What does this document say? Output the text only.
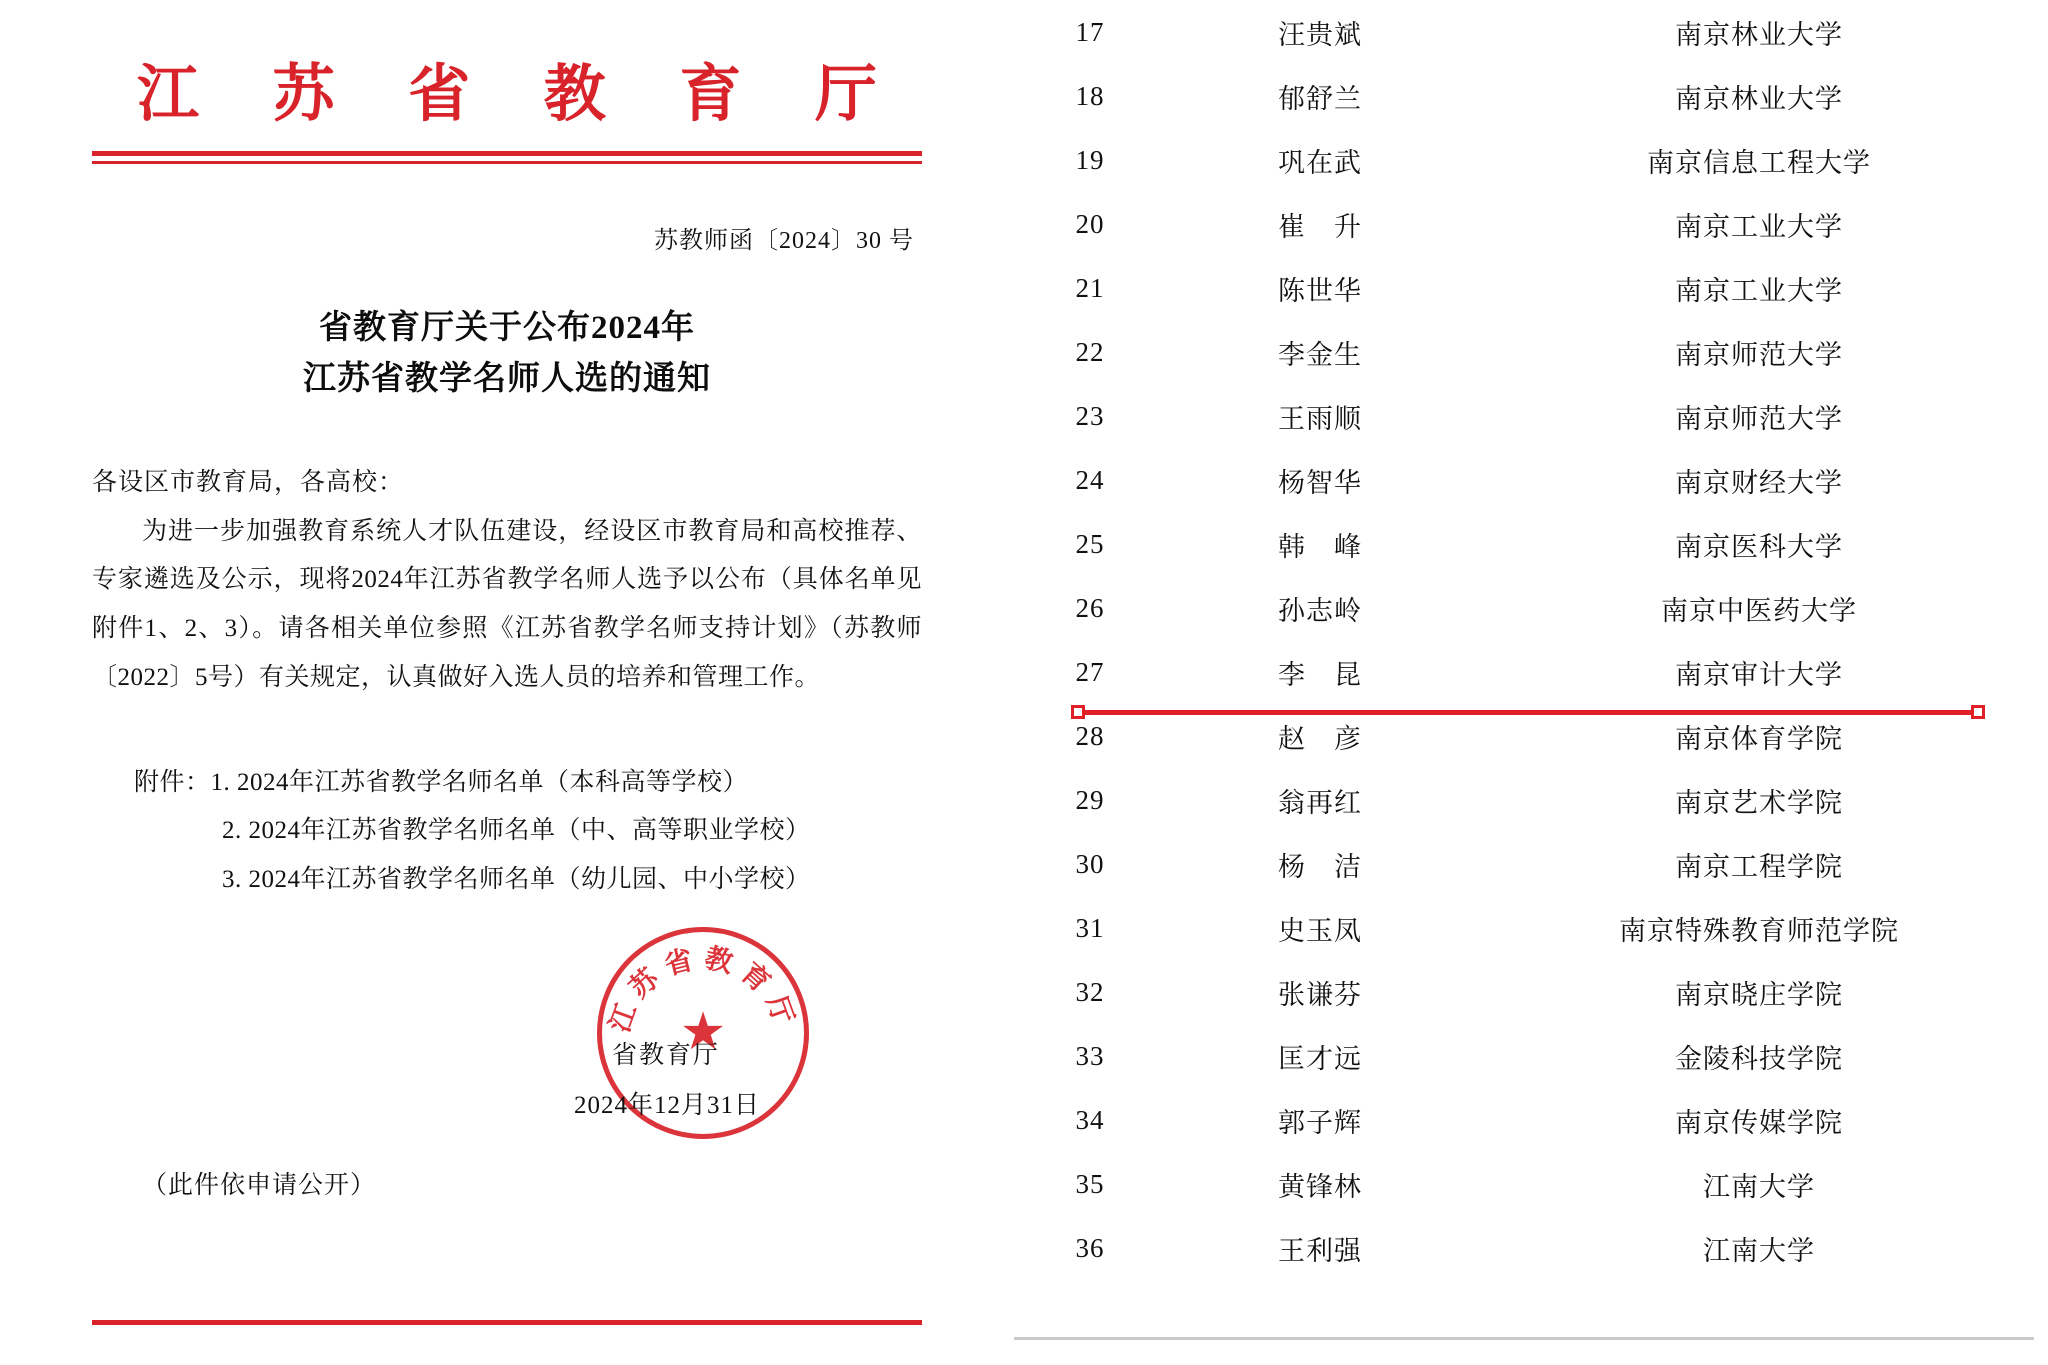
江 苏 省 教 育 厅
苏教师函〔2024〕30 号
省教育厅关于公布2024年
江苏省教学名师人选的通知
各设区市教育局，各高校：
为进一步加强教育系统人才队伍建设，经设区市教育局和高校推荐、专家遴选及公示，现将2024年江苏省教学名师人选予以公布（具体名单见附件1、2、3）。请各相关单位参照《江苏省教学名师支持计划》（苏教师〔2022〕5号）有关规定，认真做好入选人员的培养和管理工作。
附件：1. 2024年江苏省教学名师名单（本科高等学校）
2. 2024年江苏省教学名师名单（中、高等职业学校）
3. 2024年江苏省教学名师名单（幼儿园、中小学校）
江苏省教育厅
★
省教育厅
2024年12月31日
（此件依申请公开）
17	汪贵斌	南京林业大学
18	郁舒兰	南京林业大学
19	巩在武	南京信息工程大学
20	崔　升	南京工业大学
21	陈世华	南京工业大学
22	李金生	南京师范大学
23	王雨顺	南京师范大学
24	杨智华	南京财经大学
25	韩　峰	南京医科大学
26	孙志岭	南京中医药大学
27	李　昆	南京审计大学
28	赵　彦	南京体育学院
29	翁再红	南京艺术学院
30	杨　洁	南京工程学院
31	史玉凤	南京特殊教育师范学院
32	张谦芬	南京晓庄学院
33	匡才远	金陵科技学院
34	郭子辉	南京传媒学院
35	黄锋林	江南大学
36	王利强	江南大学
